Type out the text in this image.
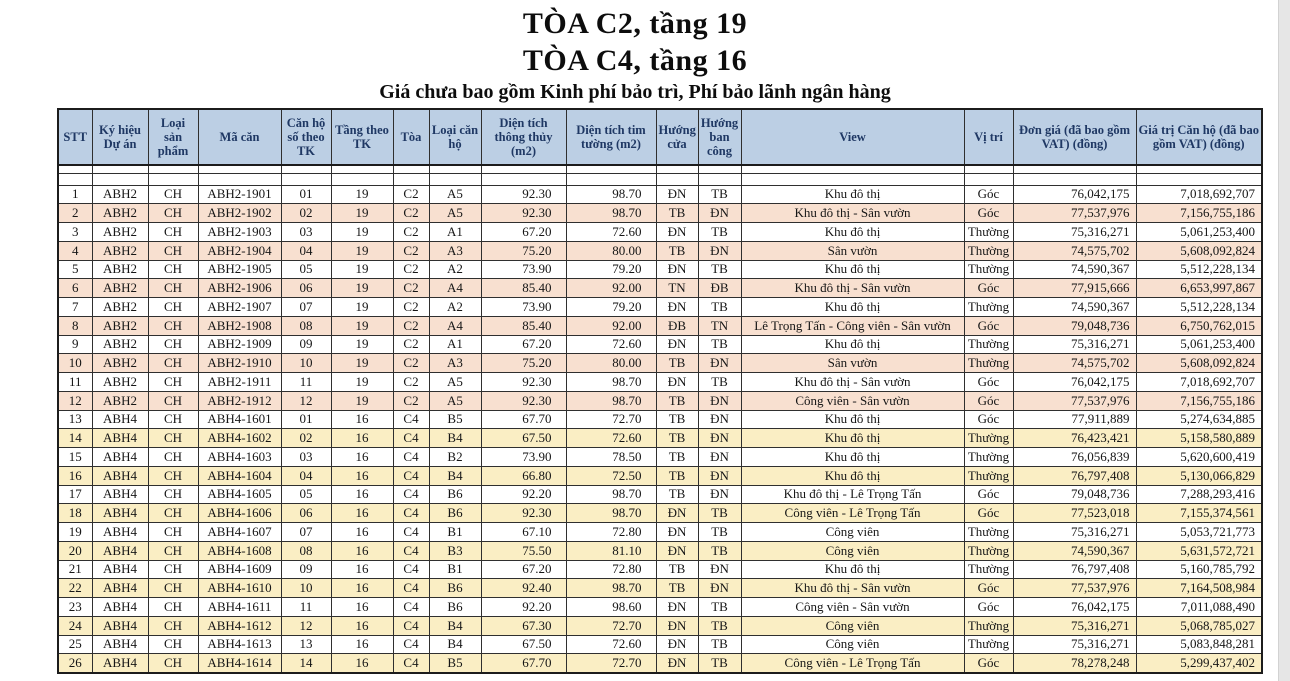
TÒA C2, tầng 19
TÒA C4, tầng 16
Giá chưa bao gồm Kinh phí bảo trì, Phí bảo lãnh ngân hàng
STT	Ký hiệu Dự án	Loại sản phẩm	Mã căn	Căn hộ số theo TK	Tầng theo TK	Tòa	Loại căn hộ	Diện tích thông thủy (m2)	Diện tích tim tường (m2)	Hướng cửa	Hướng ban công	View	Vị trí	Đơn giá (đã bao gồm VAT) (đồng)	Giá trị Căn hộ (đã bao gồm VAT) (đồng)

1	ABH2	CH	ABH2-1901	01	19	C2	A5	92.30	98.70	ĐN	TB	Khu đô thị	Góc	76,042,175	7,018,692,707
2	ABH2	CH	ABH2-1902	02	19	C2	A5	92.30	98.70	TB	ĐN	Khu đô thị - Sân vườn	Góc	77,537,976	7,156,755,186
3	ABH2	CH	ABH2-1903	03	19	C2	A1	67.20	72.60	ĐN	TB	Khu đô thị	Thường	75,316,271	5,061,253,400
4	ABH2	CH	ABH2-1904	04	19	C2	A3	75.20	80.00	TB	ĐN	Sân vườn	Thường	74,575,702	5,608,092,824
5	ABH2	CH	ABH2-1905	05	19	C2	A2	73.90	79.20	ĐN	TB	Khu đô thị	Thường	74,590,367	5,512,228,134
6	ABH2	CH	ABH2-1906	06	19	C2	A4	85.40	92.00	TN	ĐB	Khu đô thị - Sân vườn	Góc	77,915,666	6,653,997,867
7	ABH2	CH	ABH2-1907	07	19	C2	A2	73.90	79.20	ĐN	TB	Khu đô thị	Thường	74,590,367	5,512,228,134
8	ABH2	CH	ABH2-1908	08	19	C2	A4	85.40	92.00	ĐB	TN	Lê Trọng Tấn - Công viên - Sân vườn	Góc	79,048,736	6,750,762,015
9	ABH2	CH	ABH2-1909	09	19	C2	A1	67.20	72.60	ĐN	TB	Khu đô thị	Thường	75,316,271	5,061,253,400
10	ABH2	CH	ABH2-1910	10	19	C2	A3	75.20	80.00	TB	ĐN	Sân vườn	Thường	74,575,702	5,608,092,824
11	ABH2	CH	ABH2-1911	11	19	C2	A5	92.30	98.70	ĐN	TB	Khu đô thị - Sân vườn	Góc	76,042,175	7,018,692,707
12	ABH2	CH	ABH2-1912	12	19	C2	A5	92.30	98.70	TB	ĐN	Công viên - Sân vườn	Góc	77,537,976	7,156,755,186
13	ABH4	CH	ABH4-1601	01	16	C4	B5	67.70	72.70	TB	ĐN	Khu đô thị	Góc	77,911,889	5,274,634,885
14	ABH4	CH	ABH4-1602	02	16	C4	B4	67.50	72.60	TB	ĐN	Khu đô thị	Thường	76,423,421	5,158,580,889
15	ABH4	CH	ABH4-1603	03	16	C4	B2	73.90	78.50	TB	ĐN	Khu đô thị	Thường	76,056,839	5,620,600,419
16	ABH4	CH	ABH4-1604	04	16	C4	B4	66.80	72.50	TB	ĐN	Khu đô thị	Thường	76,797,408	5,130,066,829
17	ABH4	CH	ABH4-1605	05	16	C4	B6	92.20	98.70	TB	ĐN	Khu đô thị - Lê Trọng Tấn	Góc	79,048,736	7,288,293,416
18	ABH4	CH	ABH4-1606	06	16	C4	B6	92.30	98.70	ĐN	TB	Công viên - Lê Trọng Tấn	Góc	77,523,018	7,155,374,561
19	ABH4	CH	ABH4-1607	07	16	C4	B1	67.10	72.80	ĐN	TB	Công viên	Thường	75,316,271	5,053,721,773
20	ABH4	CH	ABH4-1608	08	16	C4	B3	75.50	81.10	ĐN	TB	Công viên	Thường	74,590,367	5,631,572,721
21	ABH4	CH	ABH4-1609	09	16	C4	B1	67.20	72.80	TB	ĐN	Khu đô thị	Thường	76,797,408	5,160,785,792
22	ABH4	CH	ABH4-1610	10	16	C4	B6	92.40	98.70	TB	ĐN	Khu đô thị - Sân vườn	Góc	77,537,976	7,164,508,984
23	ABH4	CH	ABH4-1611	11	16	C4	B6	92.20	98.60	ĐN	TB	Công viên - Sân vườn	Góc	76,042,175	7,011,088,490
24	ABH4	CH	ABH4-1612	12	16	C4	B4	67.30	72.70	ĐN	TB	Công viên	Thường	75,316,271	5,068,785,027
25	ABH4	CH	ABH4-1613	13	16	C4	B4	67.50	72.60	ĐN	TB	Công viên	Thường	75,316,271	5,083,848,281
26	ABH4	CH	ABH4-1614	14	16	C4	B5	67.70	72.70	ĐN	TB	Công viên - Lê Trọng Tấn	Góc	78,278,248	5,299,437,402
